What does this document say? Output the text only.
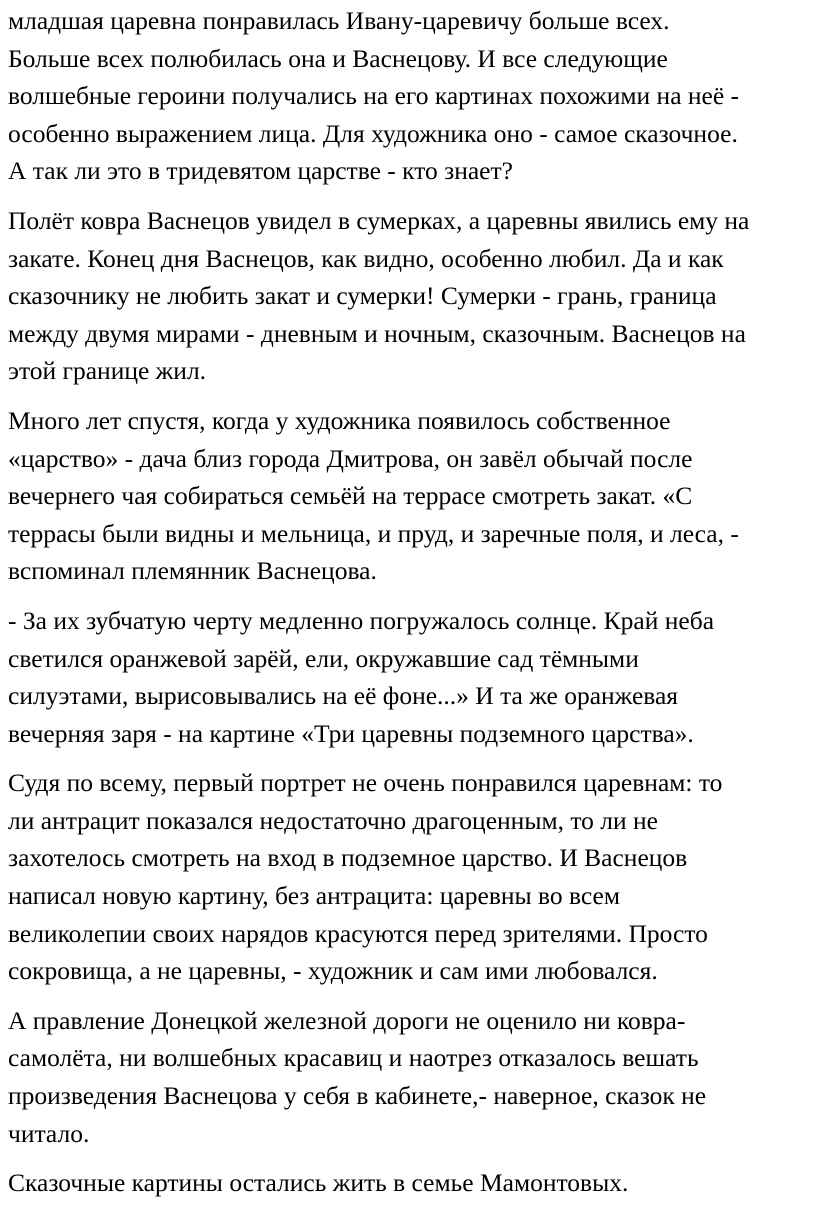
младшая царевна понравилась Ивану-царевичу больше всех.
Больше всех полюбилась она и Васнецову. И все следующие
волшебные героини получались на его картинах похожими на неё -
особенно выражением лица. Для художника оно - самое сказочное.
А так ли это в тридевятом царстве - кто знает?

Полёт ковра Васнецов увидел в сумерках, а царевны явились ему на
закате. Конец дня Васнецов, как видно, особенно любил. Да и как
сказочнику не любить закат и сумерки! Сумерки - грань, граница
между двумя мирами - дневным и ночным, сказочным. Васнецов на
этой границе жил.

Много лет спустя, когда у художника появилось собственное
«царство» - дача близ города Дмитрова, он завёл обычай после
вечернего чая собираться семьёй на террасе смотреть закат. «С
террасы были видны и мельница, и пруд, и заречные поля, и леса, -
вспоминал племянник Васнецова.

- За их зубчатую черту медленно погружалось солнце. Край неба
светился оранжевой зарёй, ели, окружавшие сад тёмными
силуэтами, вырисовывались на её фоне...» И та же оранжевая
вечерняя заря - на картине «Три царевны подземного царства».

Судя по всему, первый портрет не очень понравился царевнам: то
ли антрацит показался недостаточно драгоценным, то ли не
захотелось смотреть на вход в подземное царство. И Васнецов
написал новую картину, без антрацита: царевны во всем
великолепии своих нарядов красуются перед зрителями. Просто
сокровища, а не царевны, - художник и сам ими любовался.

А правление Донецкой железной дороги не оценило ни ковра-
самолёта, ни волшебных красавиц и наотрез отказалось вешать
произведения Васнецова у себя в кабинете,- наверное, сказок не
читало.

Сказочные картины остались жить в семье Мамонтовых.
